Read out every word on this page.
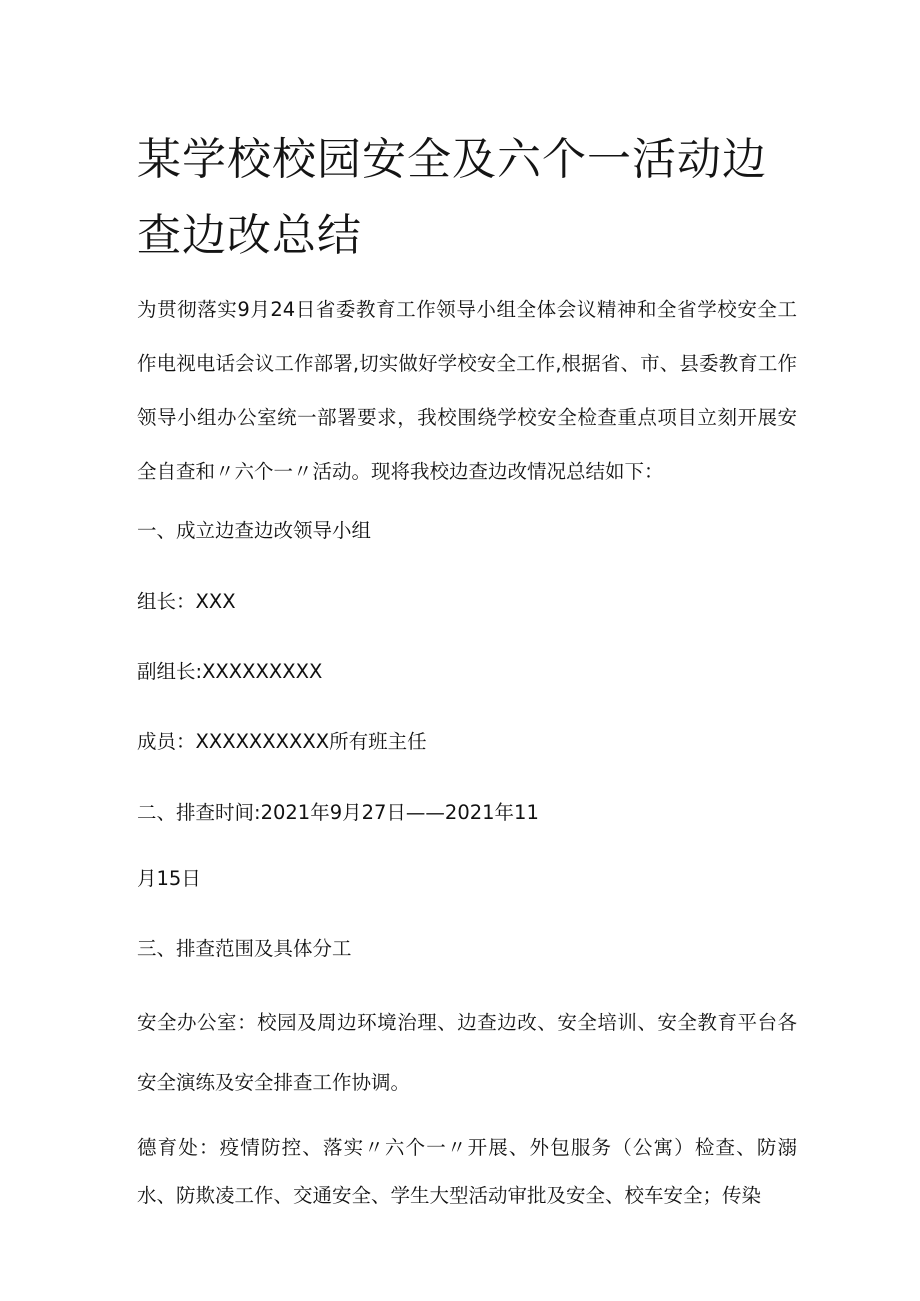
某学校校园安全及六个一活动边查边改总结

为贯彻落实9月24日省委教育工作领导小组全体会议精神和全省学校安全工作电视电话会议工作部署,切实做好学校安全工作,根据省、市、县委教育工作领导小组办公室统一部署要求，我校围绕学校安全检查重点项目立刻开展安全自查和〃六个一〃活动。现将我校边查边改情况总结如下：

一、成立边查边改领导小组

组长：XXX

副组长:XXXXXXXXX

成员：XXXXXXXXXX所有班主任

二、排查时间:2021年9月27日——2021年11

月15日

三、排查范围及具体分工

安全办公室：校园及周边环境治理、边查边改、安全培训、安全教育平台各安全演练及安全排查工作协调。

德育处：疫情防控、落实〃六个一〃开展、外包服务（公寓）检查、防溺水、防欺凌工作、交通安全、学生大型活动审批及安全、校车安全；传染
